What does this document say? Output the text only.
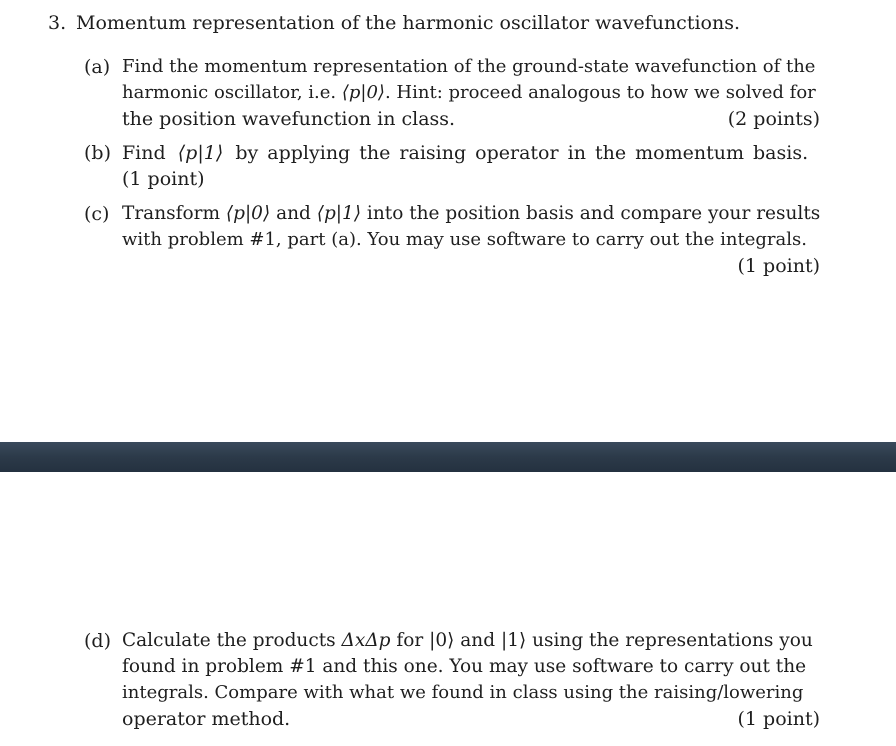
3. Momentum representation of the harmonic oscillator wavefunctions.
(a) Find the momentum representation of the ground-state wavefunction of the
harmonic oscillator, i.e. ⟨p|0⟩. Hint: proceed analogous to how we solved for
the position wavefunction in class.	(2 points)
(b) Find ⟨p|1⟩ by applying the raising operator in the momentum basis.
(1 point)
(c) Transform ⟨p|0⟩ and ⟨p|1⟩ into the position basis and compare your results
with problem #1, part (a). You may use software to carry out the integrals.
(1 point)
(d) Calculate the products ΔxΔp for |0⟩ and |1⟩ using the representations you
found in problem #1 and this one. You may use software to carry out the
integrals. Compare with what we found in class using the raising/lowering
operator method.	(1 point)
